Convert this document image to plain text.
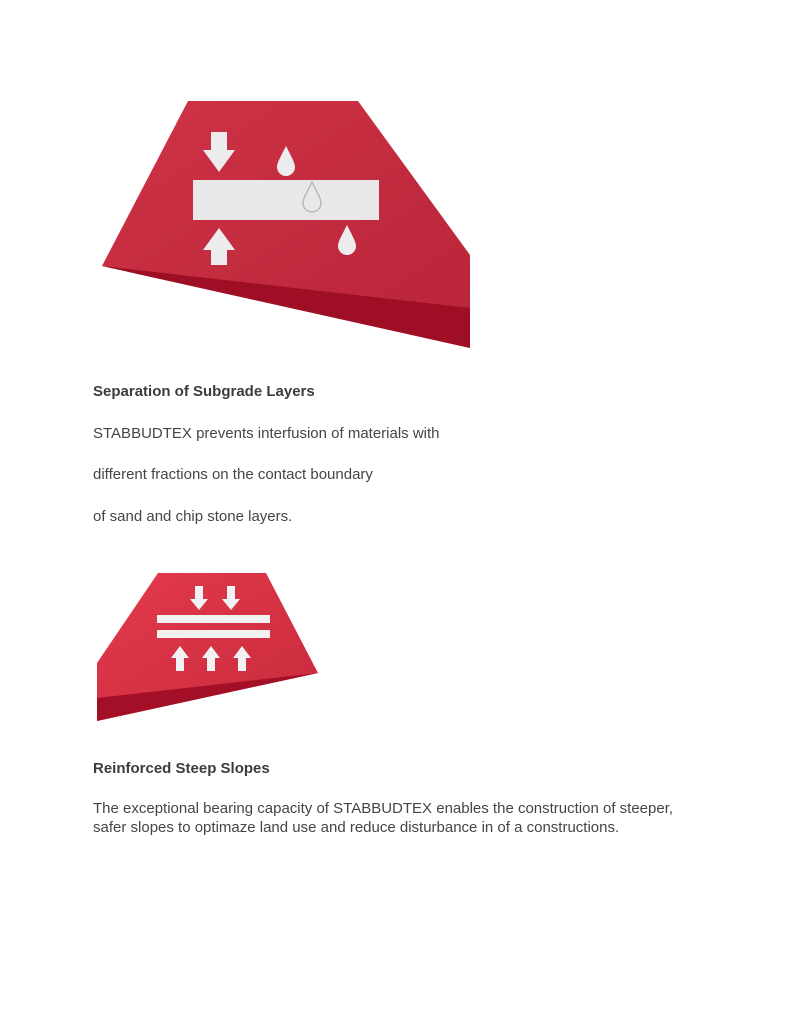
Separation of Subgrade Layers

STABBUDTEX prevents interfusion of materials with

different fractions on the contact boundary

of sand and chip stone layers.

Reinforced Steep Slopes

The exceptional bearing capacity of STABBUDTEX enables the construction of steeper,

safer slopes to optimaze land use and reduce disturbance in of a constructions.
